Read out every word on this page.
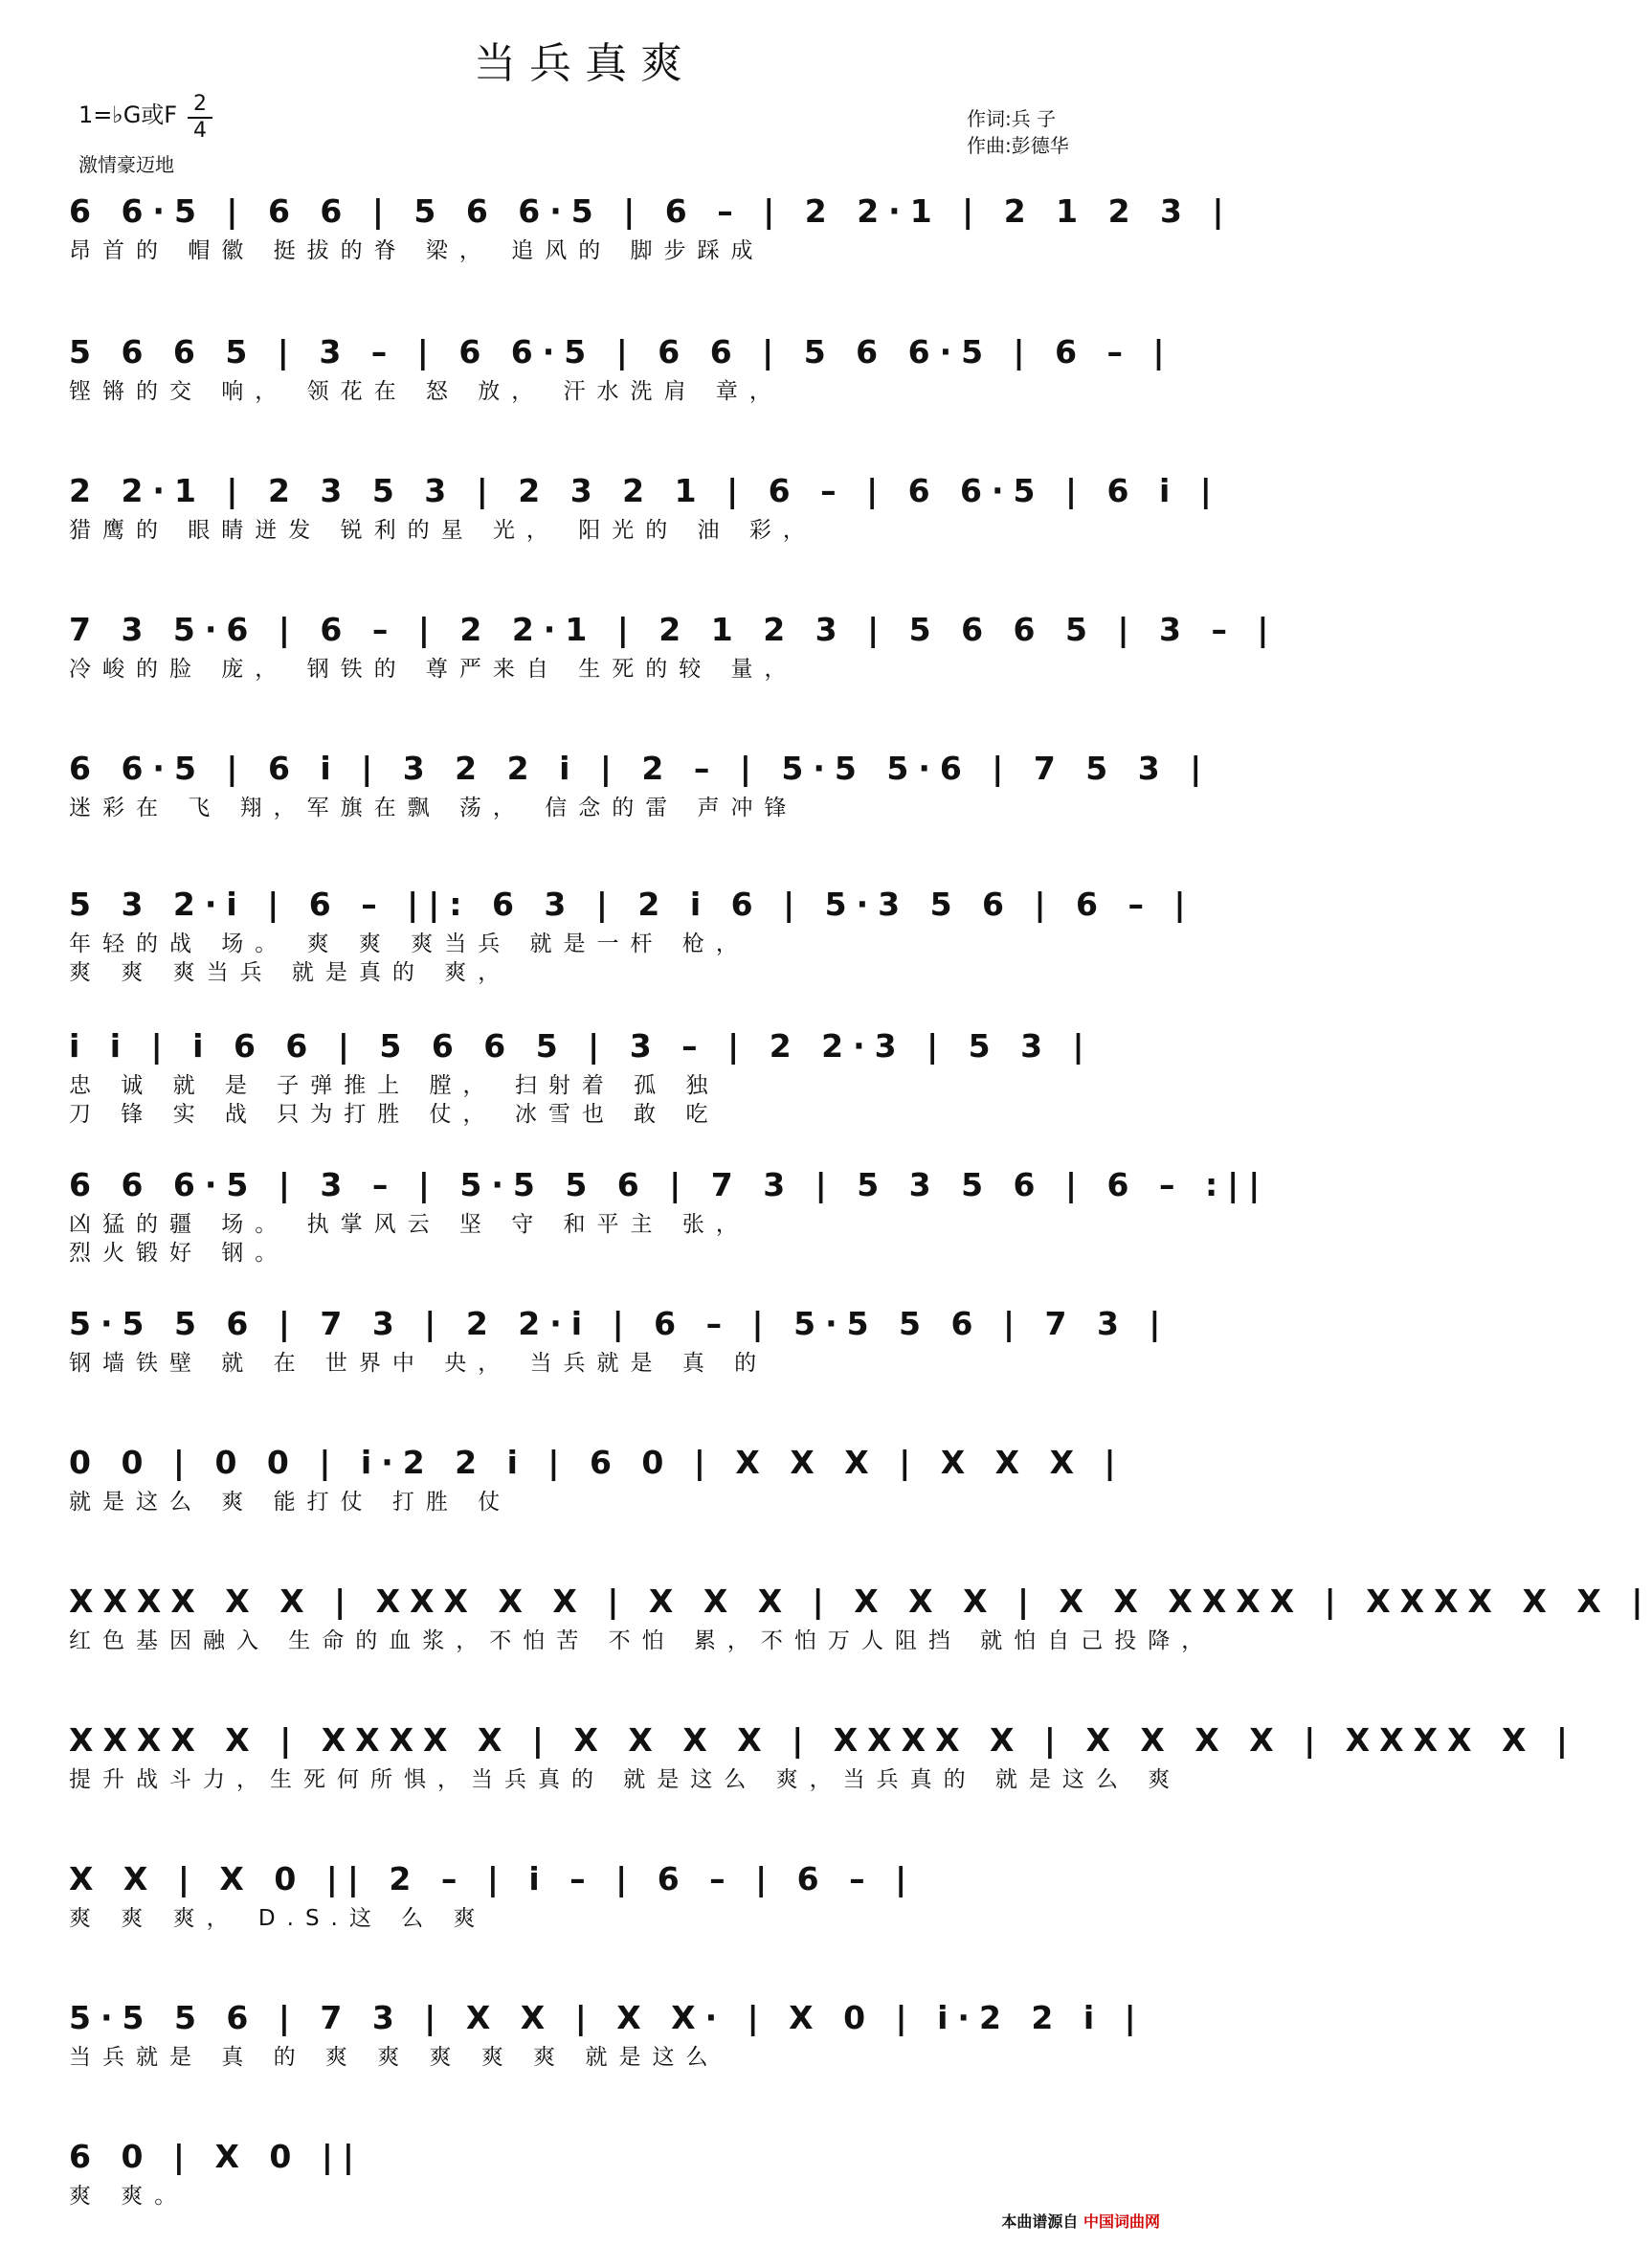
当兵真爽
1=♭G或F 2
4
激情豪迈地
作词:兵 子
作曲:彭德华
6 6·5 | 6 6 | 5 6 6·5 | 6 – | 2 2·1 | 2 1 2 3 |
昂首的 帽徽 挺拔的脊 梁， 追风的 脚步踩成
5 6 6 5 | 3 – | 6 6·5 | 6 6 | 5 6 6·5 | 6 – |
铿锵的交 响， 领花在 怒 放， 汗水洗肩 章，
2 2·1 | 2 3 5 3 | 2 3 2 1 | 6 – | 6 6·5 | 6 i |
猎鹰的 眼睛迸发 锐利的星 光， 阳光的 油 彩，
7 3 5·6 | 6 – | 2 2·1 | 2 1 2 3 | 5 6 6 5 | 3 – |
冷峻的脸 庞， 钢铁的 尊严来自 生死的较 量，
6 6·5 | 6 i | 3 2 2 i | 2 – | 5·5 5·6 | 7 5 3 |
迷彩在 飞 翔，军旗在飘 荡， 信念的雷 声冲锋
5 3 2·i | 6 – ||: 6 3 | 2 i 6 | 5·3 5 6 | 6 – |
年轻的战 场。 爽 爽 爽当兵 就是一杆 枪，
爽 爽 爽当兵 就是真的 爽，
i i | i 6 6 | 5 6 6 5 | 3 – | 2 2·3 | 5 3 |
忠 诚 就 是 子弹推上 膛， 扫射着 孤 独
刀 锋 实 战 只为打胜 仗， 冰雪也 敢 吃
6 6 6·5 | 3 – | 5·5 5 6 | 7 3 | 5 3 5 6 | 6 – :||
凶猛的疆 场。 执掌风云 坚 守 和平主 张，
烈火锻好 钢。
5·5 5 6 | 7 3 | 2 2·i | 6 – | 5·5 5 6 | 7 3 |
钢墙铁壁 就 在 世界中 央， 当兵就是 真 的
0 0 | 0 0 | i·2 2 i | 6 0 | X X X | X X X |
就是这么 爽 能打仗 打胜 仗
XXXX X X | XXX X X | X X X | X X X | X X XXXX | XXXX X X |
红色基因融入 生命的血浆，不怕苦 不怕 累，不怕万人阻挡 就怕自己投降，
XXXX X | XXXX X | X X X X | XXXX X | X X X X | XXXX X |
提升战斗力，生死何所惧，当兵真的 就是这么 爽，当兵真的 就是这么 爽
X X | X 0 || 2 – | i – | 6 – | 6 – |
爽 爽 爽， D.S.这 么 爽
5·5 5 6 | 7 3 | X X | X X· | X 0 | i·2 2 i |
当兵就是 真 的 爽 爽 爽 爽 爽 就是这么
6 0 | X 0 ||
爽 爽。
本曲谱源自 中国词曲网
